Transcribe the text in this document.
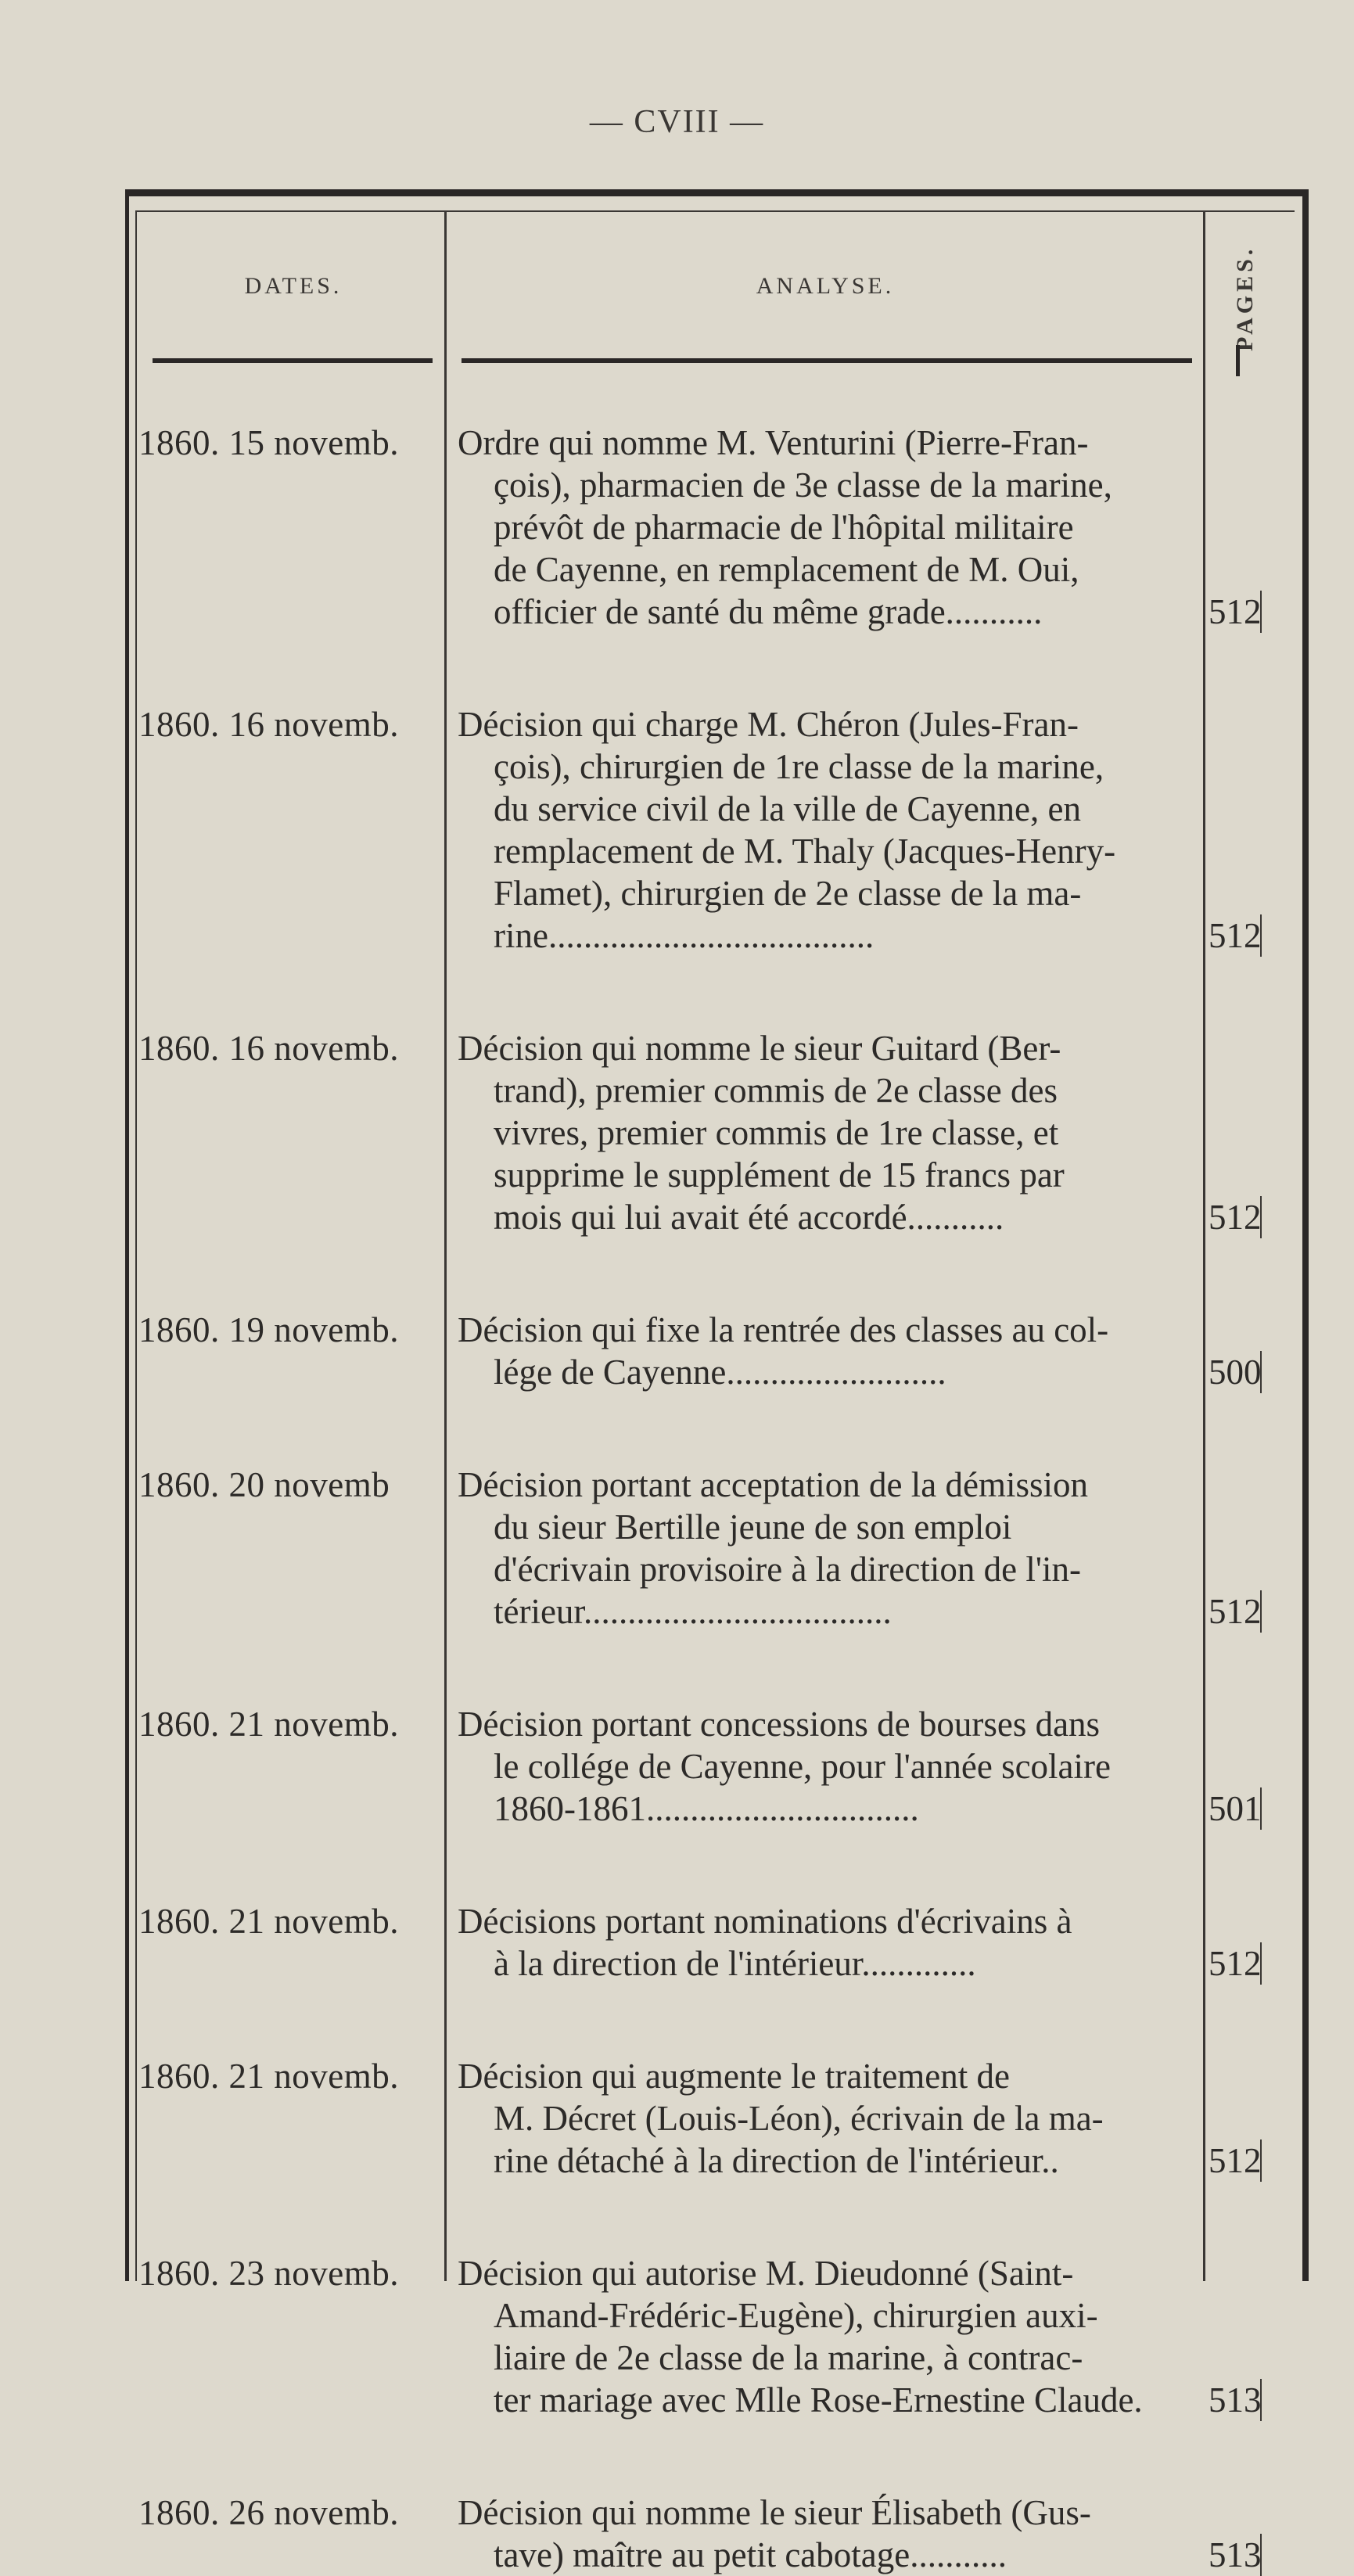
— CVIII —
DATES.	ANALYSE.	PAGES.
1860. 15 novemb.	Ordre qui nomme M. Venturini (Pierre-Fran-
çois), pharmacien de 3e classe de la marine,
prévôt de pharmacie de l'hôpital militaire
de Cayenne, en remplacement de M. Oui,
officier de santé du même grade...........	512
1860. 16 novemb.	Décision qui charge M. Chéron (Jules-Fran-
çois), chirurgien de 1re classe de la marine,
du service civil de la ville de Cayenne, en
remplacement de M. Thaly (Jacques-Henry-
Flamet), chirurgien de 2e classe de la ma-
rine.....................................	512
1860. 16 novemb.	Décision qui nomme le sieur Guitard (Ber-
trand), premier commis de 2e classe des
vivres, premier commis de 1re classe, et
supprime le supplément de 15 francs par
mois qui lui avait été accordé...........	512
1860. 19 novemb.	Décision qui fixe la rentrée des classes au col-
lége de Cayenne.........................	500
1860. 20 novemb	Décision portant acceptation de la démission
du sieur Bertille jeune de son emploi
d'écrivain provisoire à la direction de l'in-
térieur...................................	512
1860. 21 novemb.	Décision portant concessions de bourses dans
le collége de Cayenne, pour l'année scolaire
1860-1861...............................	501
1860. 21 novemb.	Décisions portant nominations d'écrivains à
à la direction de l'intérieur.............	512
1860. 21 novemb.	Décision qui augmente le traitement de
M. Décret (Louis-Léon), écrivain de la ma-
rine détaché à la direction de l'intérieur..	512
1860. 23 novemb.	Décision qui autorise M. Dieudonné (Saint-
Amand-Frédéric-Eugène), chirurgien auxi-
liaire de 2e classe de la marine, à contrac-
ter mariage avec Mlle Rose-Ernestine Claude.	513
1860. 26 novemb.	Décision qui nomme le sieur Élisabeth (Gus-
tave) maître au petit cabotage...........	513
